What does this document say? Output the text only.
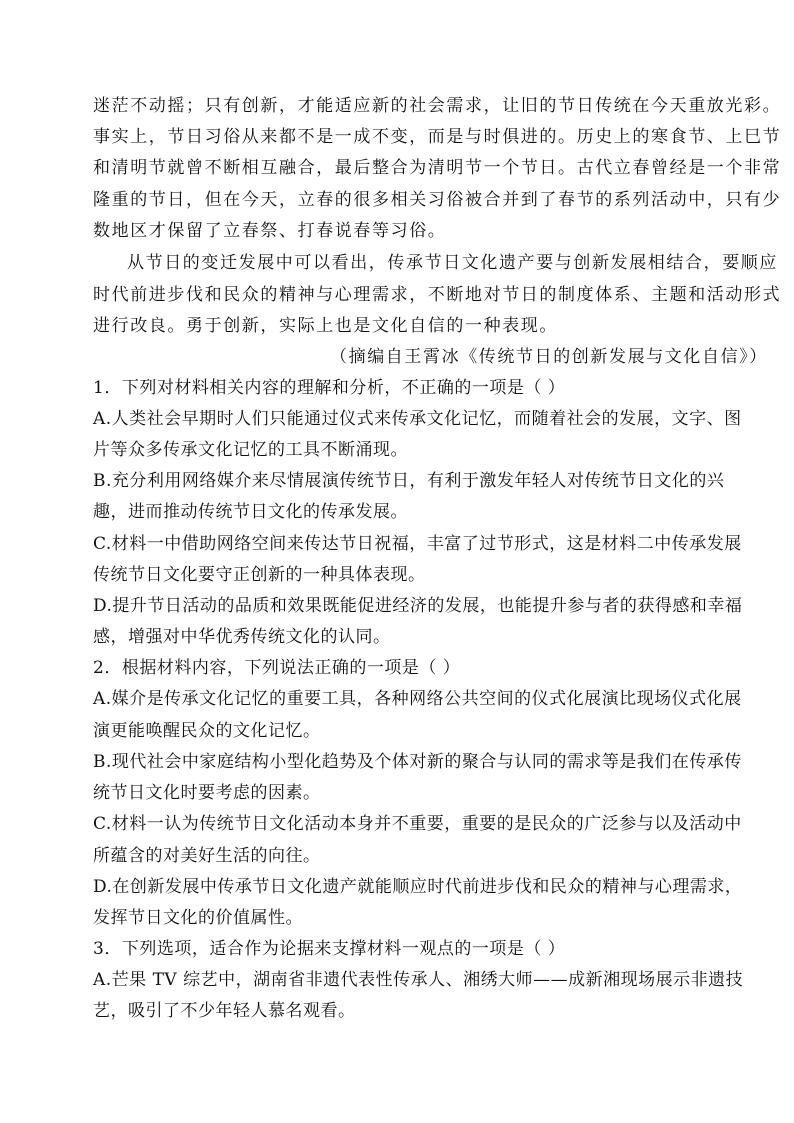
迷茫不动摇；只有创新，才能适应新的社会需求，让旧的节日传统在今天重放光彩。
事实上，节日习俗从来都不是一成不变，而是与时俱进的。历史上的寒食节、上巳节
和清明节就曾不断相互融合，最后整合为清明节一个节日。古代立春曾经是一个非常
隆重的节日，但在今天，立春的很多相关习俗被合并到了春节的系列活动中，只有少
数地区才保留了立春祭、打春说春等习俗。
从节日的变迁发展中可以看出，传承节日文化遗产要与创新发展相结合，要顺应
时代前进步伐和民众的精神与心理需求，不断地对节日的制度体系、主题和活动形式
进行改良。勇于创新，实际上也是文化自信的一种表现。
（摘编自王霄冰《传统节日的创新发展与文化自信》）
1．下列对材料相关内容的理解和分析，不正确的一项是（ ）
A.人类社会早期时人们只能通过仪式来传承文化记忆，而随着社会的发展，文字、图
片等众多传承文化记忆的工具不断涌现。
B.充分利用网络媒介来尽情展演传统节日，有利于激发年轻人对传统节日文化的兴
趣，进而推动传统节日文化的传承发展。
C.材料一中借助网络空间来传达节日祝福，丰富了过节形式，这是材料二中传承发展
传统节日文化要守正创新的一种具体表现。
D.提升节日活动的品质和效果既能促进经济的发展，也能提升参与者的获得感和幸福
感，增强对中华优秀传统文化的认同。
2．根据材料内容，下列说法正确的一项是（ ）
A.媒介是传承文化记忆的重要工具，各种网络公共空间的仪式化展演比现场仪式化展
演更能唤醒民众的文化记忆。
B.现代社会中家庭结构小型化趋势及个体对新的聚合与认同的需求等是我们在传承传
统节日文化时要考虑的因素。
C.材料一认为传统节日文化活动本身并不重要，重要的是民众的广泛参与以及活动中
所蕴含的对美好生活的向往。
D.在创新发展中传承节日文化遗产就能顺应时代前进步伐和民众的精神与心理需求，
发挥节日文化的价值属性。
3．下列选项，适合作为论据来支撑材料一观点的一项是（ ）
A.芒果 TV 综艺中，湖南省非遗代表性传承人、湘绣大师——成新湘现场展示非遗技
艺，吸引了不少年轻人慕名观看。
